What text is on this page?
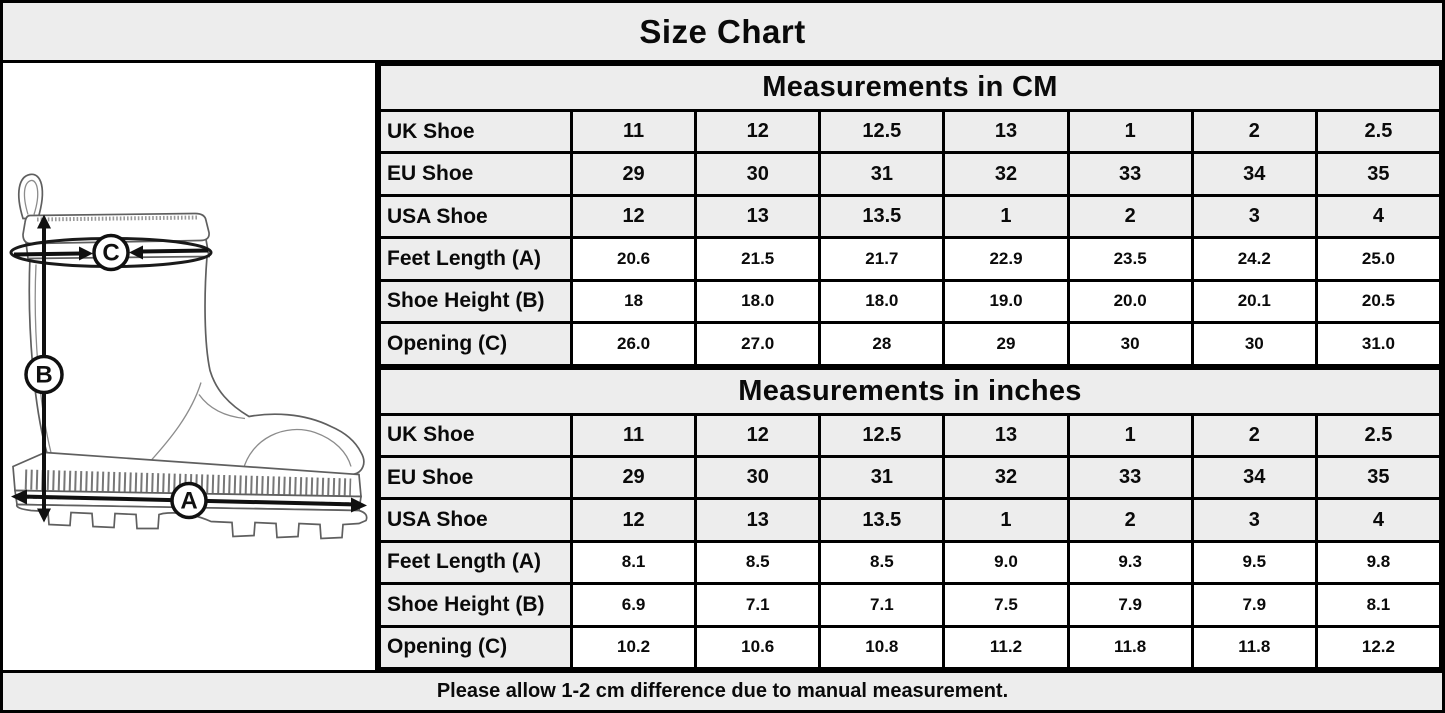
Size Chart
C
B
A
Measurements in CM							
UK Shoe	11	12	12.5	13	1	2	2.5
EU Shoe	29	30	31	32	33	34	35
USA Shoe	12	13	13.5	1	2	3	4
Feet Length (A)	20.6	21.5	21.7	22.9	23.5	24.2	25.0
Shoe Height (B)	18	18.0	18.0	19.0	20.0	20.1	20.5
Opening (C)	26.0	27.0	28	29	30	30	31.0
Measurements in inches							
UK Shoe	11	12	12.5	13	1	2	2.5
EU Shoe	29	30	31	32	33	34	35
USA Shoe	12	13	13.5	1	2	3	4
Feet Length (A)	8.1	8.5	8.5	9.0	9.3	9.5	9.8
Shoe Height (B)	6.9	7.1	7.1	7.5	7.9	7.9	8.1
Opening (C)	10.2	10.6	10.8	11.2	11.8	11.8	12.2
Please allow 1-2 cm difference due to manual measurement.
